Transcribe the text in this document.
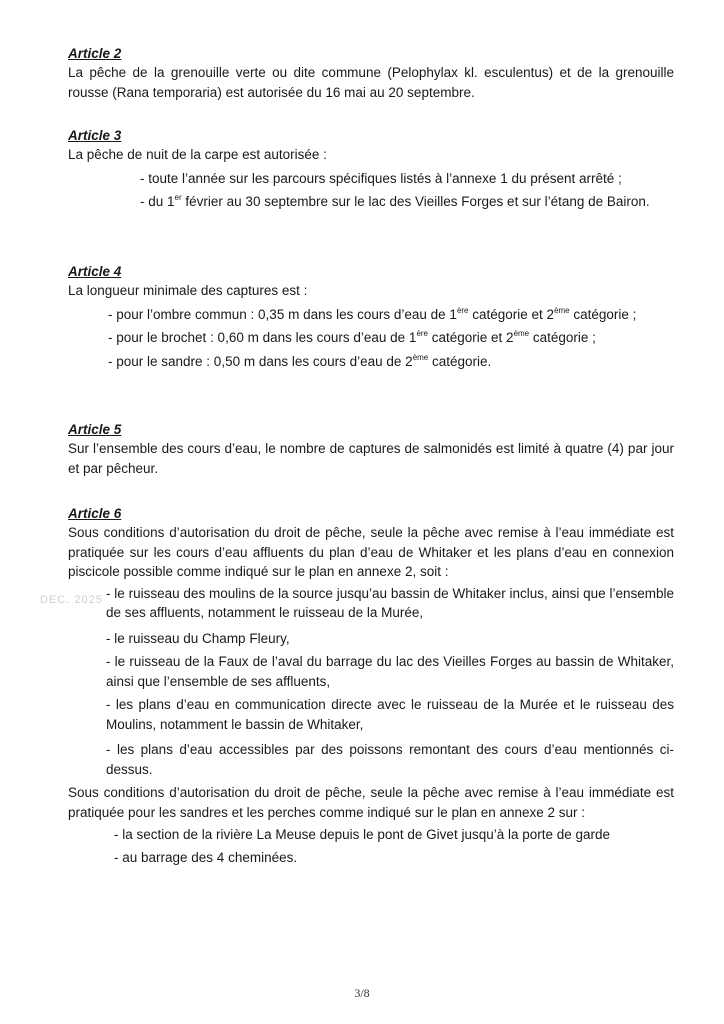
DEC. 2025

Article 2

La pêche de la grenouille verte ou dite commune (Pelophylax kl. esculentus) et de la grenouille rousse (Rana temporaria) est autorisée du 16 mai au 20 septembre.

Article 3

La pêche de nuit de la carpe est autorisée :

- toute l’année sur les parcours spécifiques listés à l’annexe 1 du présent arrêté ;

- du 1er février au 30 septembre sur le lac des Vieilles Forges et sur l’étang de Bairon.

Article 4

La longueur minimale des captures est :

- pour l’ombre commun : 0,35 m dans les cours d’eau de 1ère catégorie et 2ème catégorie ;

- pour le brochet : 0,60 m dans les cours d’eau de 1ère catégorie et 2ème catégorie ;

- pour le sandre : 0,50 m dans les cours d’eau de 2ème catégorie.

Article 5

Sur l’ensemble des cours d’eau, le nombre de captures de salmonidés est limité à quatre (4) par jour et par pêcheur.

Article 6

Sous conditions d’autorisation du droit de pêche, seule la pêche avec remise à l’eau immédiate est pratiquée sur les cours d’eau affluents du plan d’eau de Whitaker et les plans d’eau en connexion piscicole possible comme indiqué sur le plan en annexe 2, soit :

- le ruisseau des moulins de la source jusqu’au bassin de Whitaker inclus, ainsi que l’ensemble de ses affluents, notamment le ruisseau de la Murée,

- le ruisseau du Champ Fleury,

- le ruisseau de la Faux de l’aval du barrage du lac des Vieilles Forges au bassin de Whitaker, ainsi que l’ensemble de ses affluents,

- les plans d’eau en communication directe avec le ruisseau de la Murée et le ruisseau des Moulins, notamment le bassin de Whitaker,

- les plans d’eau accessibles par des poissons remontant des cours d’eau mentionnés ci-dessus.

Sous conditions d’autorisation du droit de pêche, seule la pêche avec remise à l’eau immédiate est pratiquée pour les sandres et les perches comme indiqué sur le plan en annexe 2 sur :

- la section de la rivière La Meuse depuis le pont de Givet jusqu’à la porte de garde

- au barrage des 4 cheminées.

3/8
